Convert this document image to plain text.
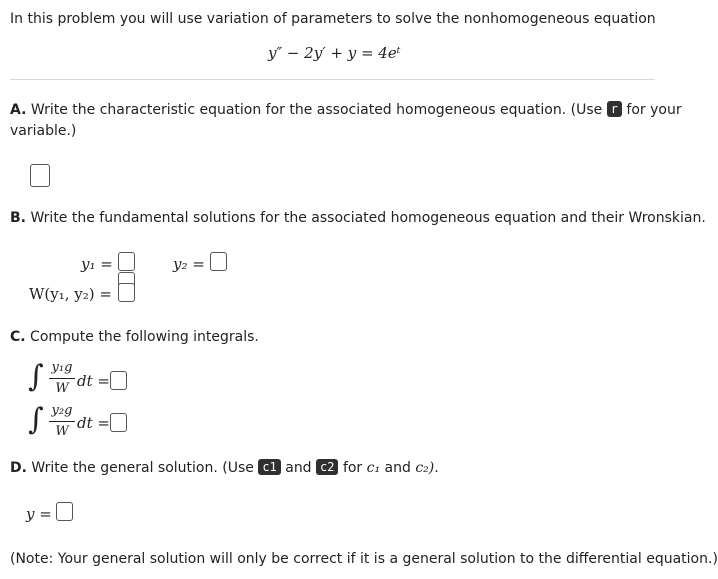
In this problem you will use variation of parameters to solve the nonhomogeneous equation
y″ − 2y′ + y = 4eᵗ
A. Write the characteristic equation for the associated homogeneous equation. (Use r for your
variable.)
B. Write the fundamental solutions for the associated homogeneous equation and their Wronskian.
y₁ =	y₂ =
W(y₁, y₂) =
C. Compute the following integrals.
∫ y₁g
W dt =
∫ y₂g
W dt =
D. Write the general solution. (Use c1 and c2 for c₁ and c₂).
y =
(Note: Your general solution will only be correct if it is a general solution to the differential equation.)
